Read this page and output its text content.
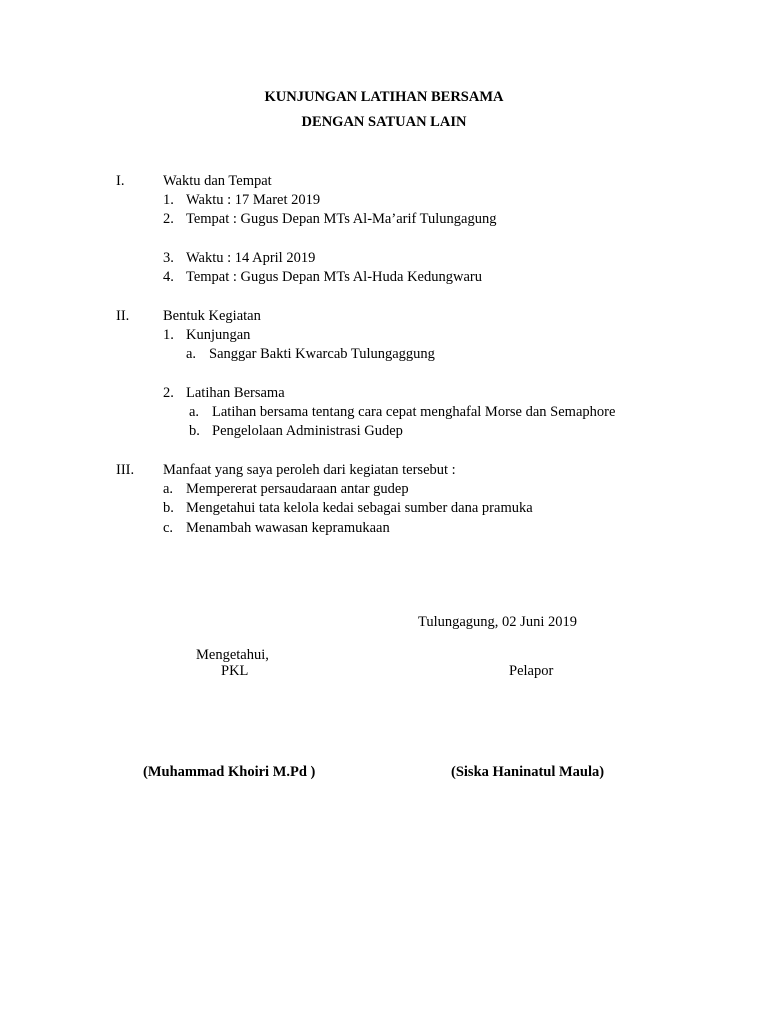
KUNJUNGAN LATIHAN BERSAMA
DENGAN SATUAN LAIN
I.	Waktu dan Tempat
1. Waktu : 17 Maret 2019
2. Tempat : Gugus Depan MTs Al-Ma’arif Tulungagung
3. Waktu : 14 April 2019
4. Tempat : Gugus Depan MTs Al-Huda Kedungwaru
II. Bentuk Kegiatan
1. Kunjungan
a. Sanggar Bakti Kwarcab Tulungaggung
2. Latihan Bersama
a. Latihan bersama tentang cara cepat menghafal Morse dan Semaphore
b. Pengelolaan Administrasi Gudep
III. Manfaat yang saya peroleh dari kegiatan tersebut :
a. Mempererat persaudaraan antar gudep
b. Mengetahui tata kelola kedai sebagai sumber dana pramuka
c. Menambah wawasan kepramukaan
Tulungagung, 02 Juni 2019
Mengetahui,
PKL	Pelapor
(Muhammad Khoiri M.Pd )	(Siska Haninatul Maula)
